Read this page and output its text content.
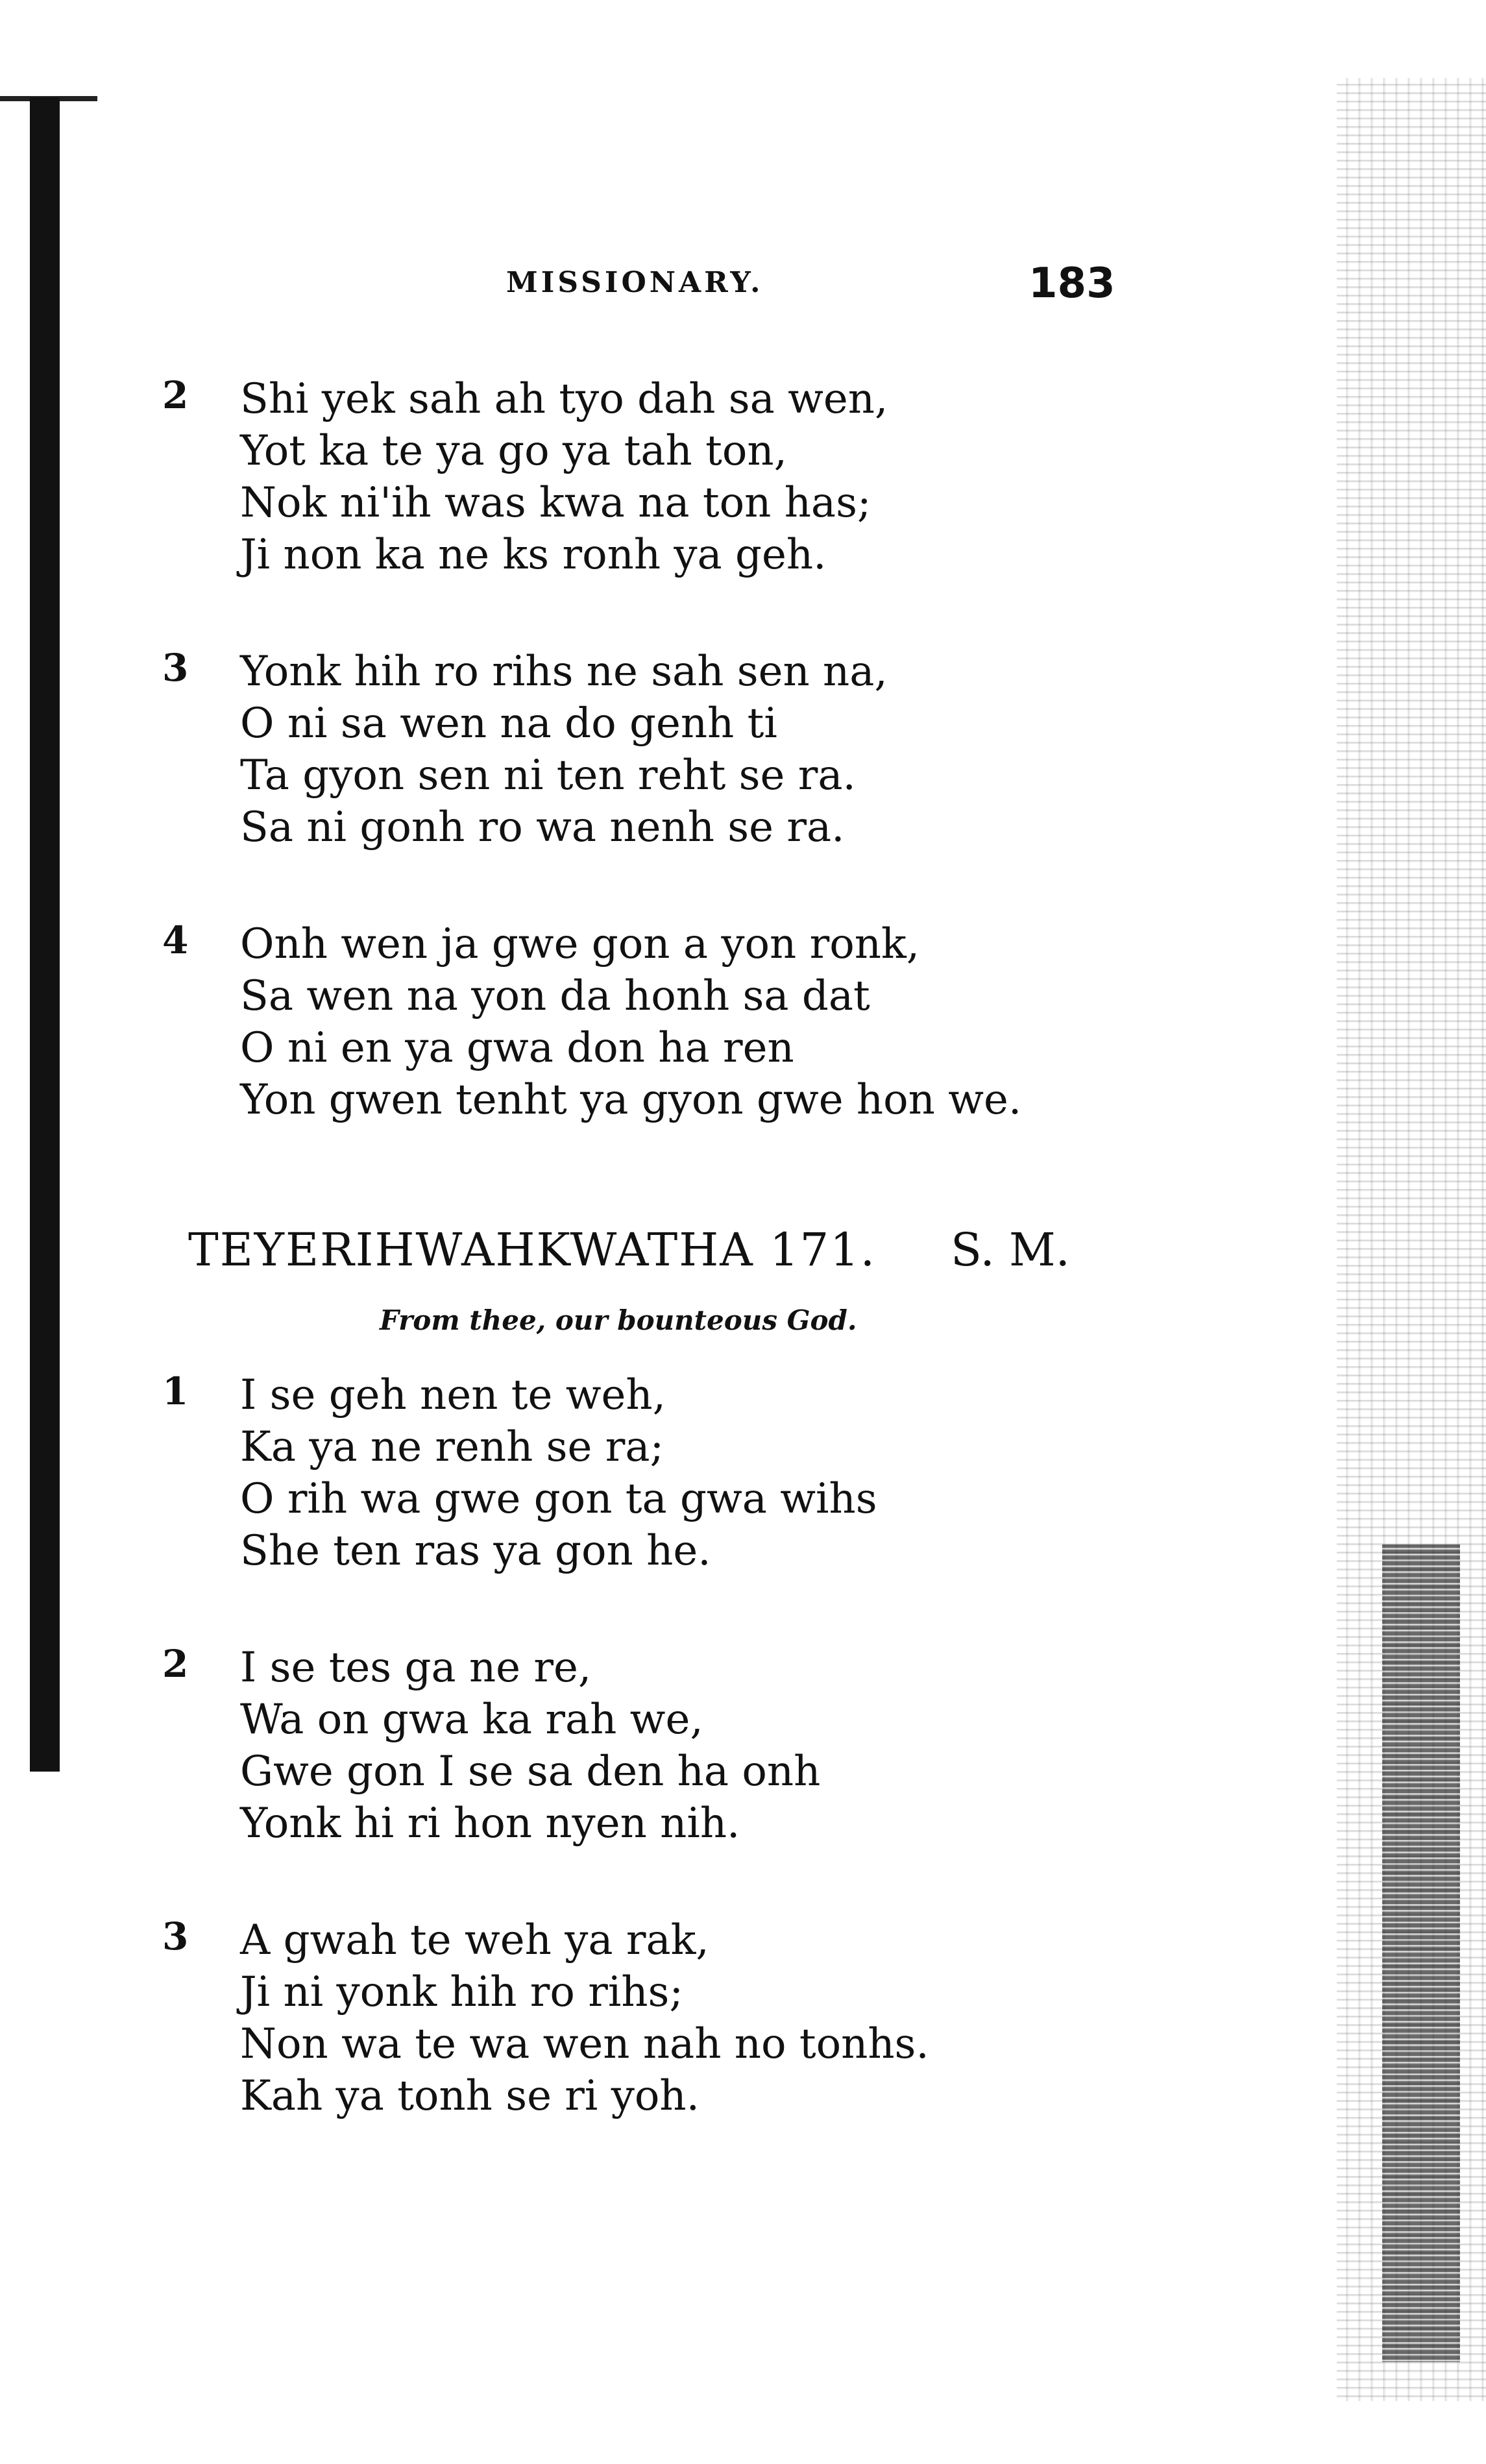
MISSIONARY.	183
2	Shi yek sah ah tyo dah sa wen,
Yot ka te ya go ya tah ton,
Nok ni'ih was kwa na ton has;
Ji non ka ne ks ronh ya geh.
3	Yonk hih ro rihs ne sah sen na,
O ni sa wen na do genh ti
Ta gyon sen ni ten reht se ra.
Sa ni gonh ro wa nenh se ra.
4	Onh wen ja gwe gon a yon ronk,
Sa wen na yon da honh sa dat
O ni en ya gwa don ha ren
Yon gwen tenht ya gyon gwe hon we.
TEYERIHWAHKWATHA 171. S. M.
From thee, our bounteous God.
1	I se geh nen te weh,
Ka ya ne renh se ra;
O rih wa gwe gon ta gwa wihs
She ten ras ya gon he.
2	I se tes ga ne re,
Wa on gwa ka rah we,
Gwe gon I se sa den ha onh
Yonk hi ri hon nyen nih.
3	A gwah te weh ya rak,
Ji ni yonk hih ro rihs;
Non wa te wa wen nah no tonhs.
Kah ya tonh se ri yoh.
